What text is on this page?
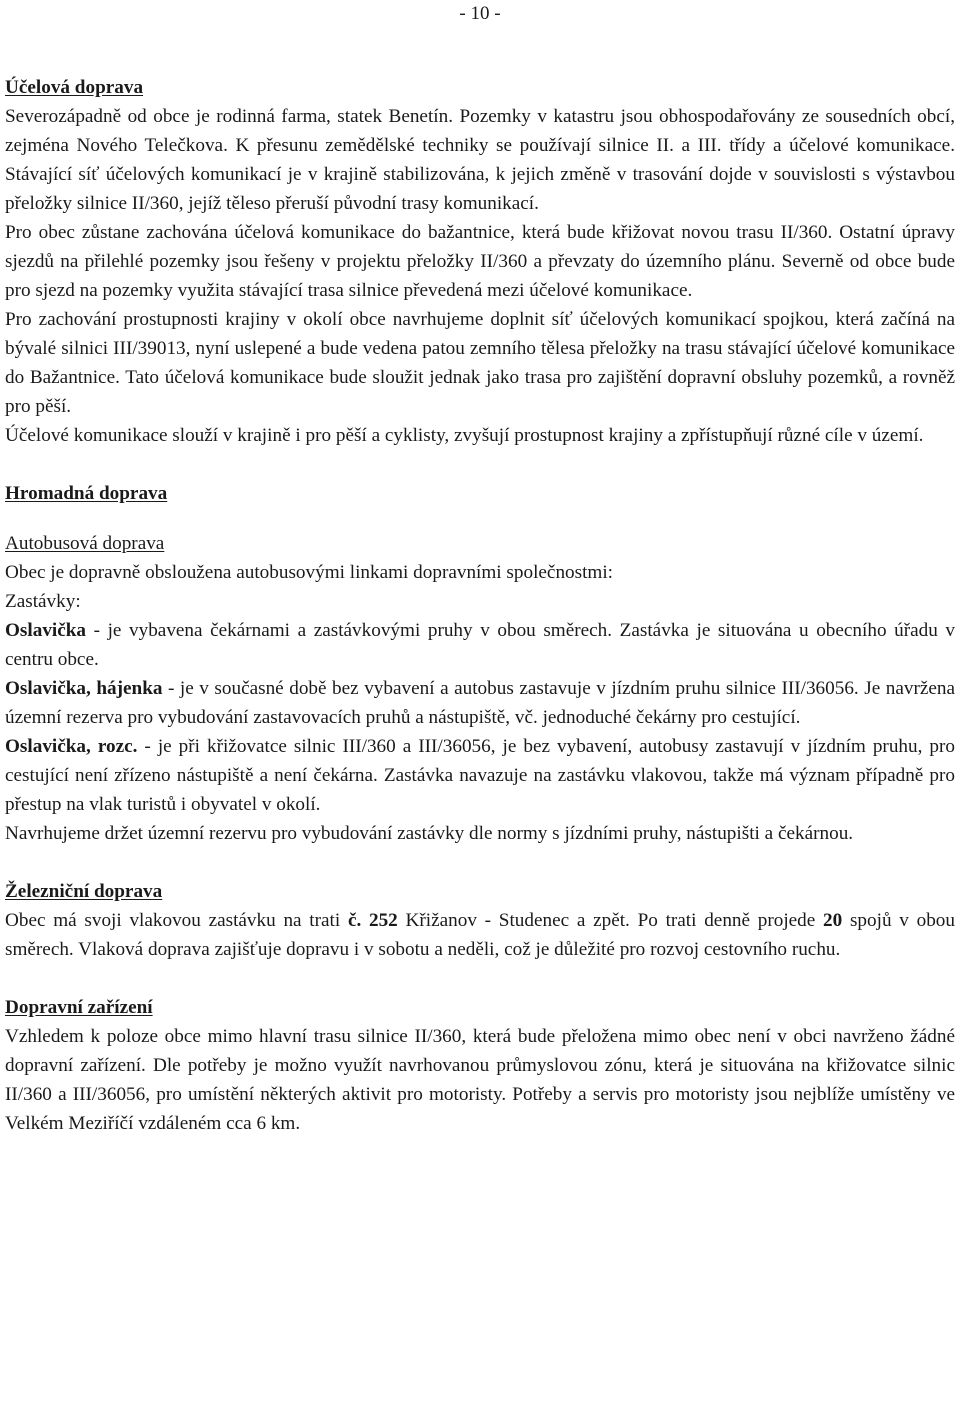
- 10 -
Účelová doprava

Severozápadně od obce je rodinná farma, statek Benetín. Pozemky v katastru jsou obhospodařovány ze sousedních obcí, zejména Nového Telečkova. K přesunu zemědělské techniky se používají silnice II. a III. třídy a účelové komunikace. Stávající síť účelových komunikací je v krajině stabilizována, k jejich změně v trasování dojde v souvislosti s výstavbou přeložky silnice II/360, jejíž těleso přeruší původní trasy komunikací.

Pro obec zůstane zachována účelová komunikace do bažantnice, která bude křižovat novou trasu II/360. Ostatní úpravy sjezdů na přilehlé pozemky jsou řešeny v projektu přeložky II/360 a převzaty do územního plánu. Severně od obce bude pro sjezd na pozemky využita stávající trasa silnice převedená mezi účelové komunikace.

Pro zachování prostupnosti krajiny v okolí obce navrhujeme doplnit síť účelových komunikací spojkou, která začíná na bývalé silnici III/39013, nyní uslepené a bude vedena patou zemního tělesa přeložky na trasu stávající účelové komunikace do Bažantnice. Tato účelová komunikace bude sloužit jednak jako trasa pro zajištění dopravní obsluhy pozemků, a rovněž pro pěší.

Účelové komunikace slouží v krajině i pro pěší a cyklisty, zvyšují prostupnost krajiny a zpřístupňují různé cíle v území.

Hromadná doprava
Autobusová doprava

Obec je dopravně obsloužena autobusovými linkami dopravními společnostmi:

Zastávky:

Oslavička - je vybavena čekárnami a zastávkovými pruhy v obou směrech. Zastávka je situována u obecního úřadu v centru obce.

Oslavička, hájenka - je v současné době bez vybavení a autobus zastavuje v jízdním pruhu silnice III/36056. Je navržena územní rezerva pro vybudování zastavovacích pruhů a nástupiště, vč. jednoduché čekárny pro cestující.

Oslavička, rozc. - je při křižovatce silnic III/360 a III/36056, je bez vybavení, autobusy zastavují v jízdním pruhu, pro cestující není zřízeno nástupiště a není čekárna. Zastávka navazuje na zastávku vlakovou, takže má význam případně pro přestup na vlak turistů i obyvatel v okolí.

Navrhujeme držet územní rezervu pro vybudování zastávky dle normy s jízdními pruhy, nástupišti a čekárnou.

Železniční doprava

Obec má svoji vlakovou zastávku na trati č. 252 Křižanov - Studenec a zpět. Po trati denně projede 20 spojů v obou směrech. Vlaková doprava zajišťuje dopravu i v sobotu a neděli, což je důležité pro rozvoj cestovního ruchu.

Dopravní zařízení

Vzhledem k poloze obce mimo hlavní trasu silnice II/360, která bude přeložena mimo obec není v obci navrženo žádné dopravní zařízení. Dle potřeby je možno využít navrhovanou průmyslovou zónu, která je situována na křižovatce silnic II/360 a III/36056, pro umístění některých aktivit pro motoristy. Potřeby a servis pro motoristy jsou nejblíže umístěny ve Velkém Meziříčí vzdáleném cca 6 km.
